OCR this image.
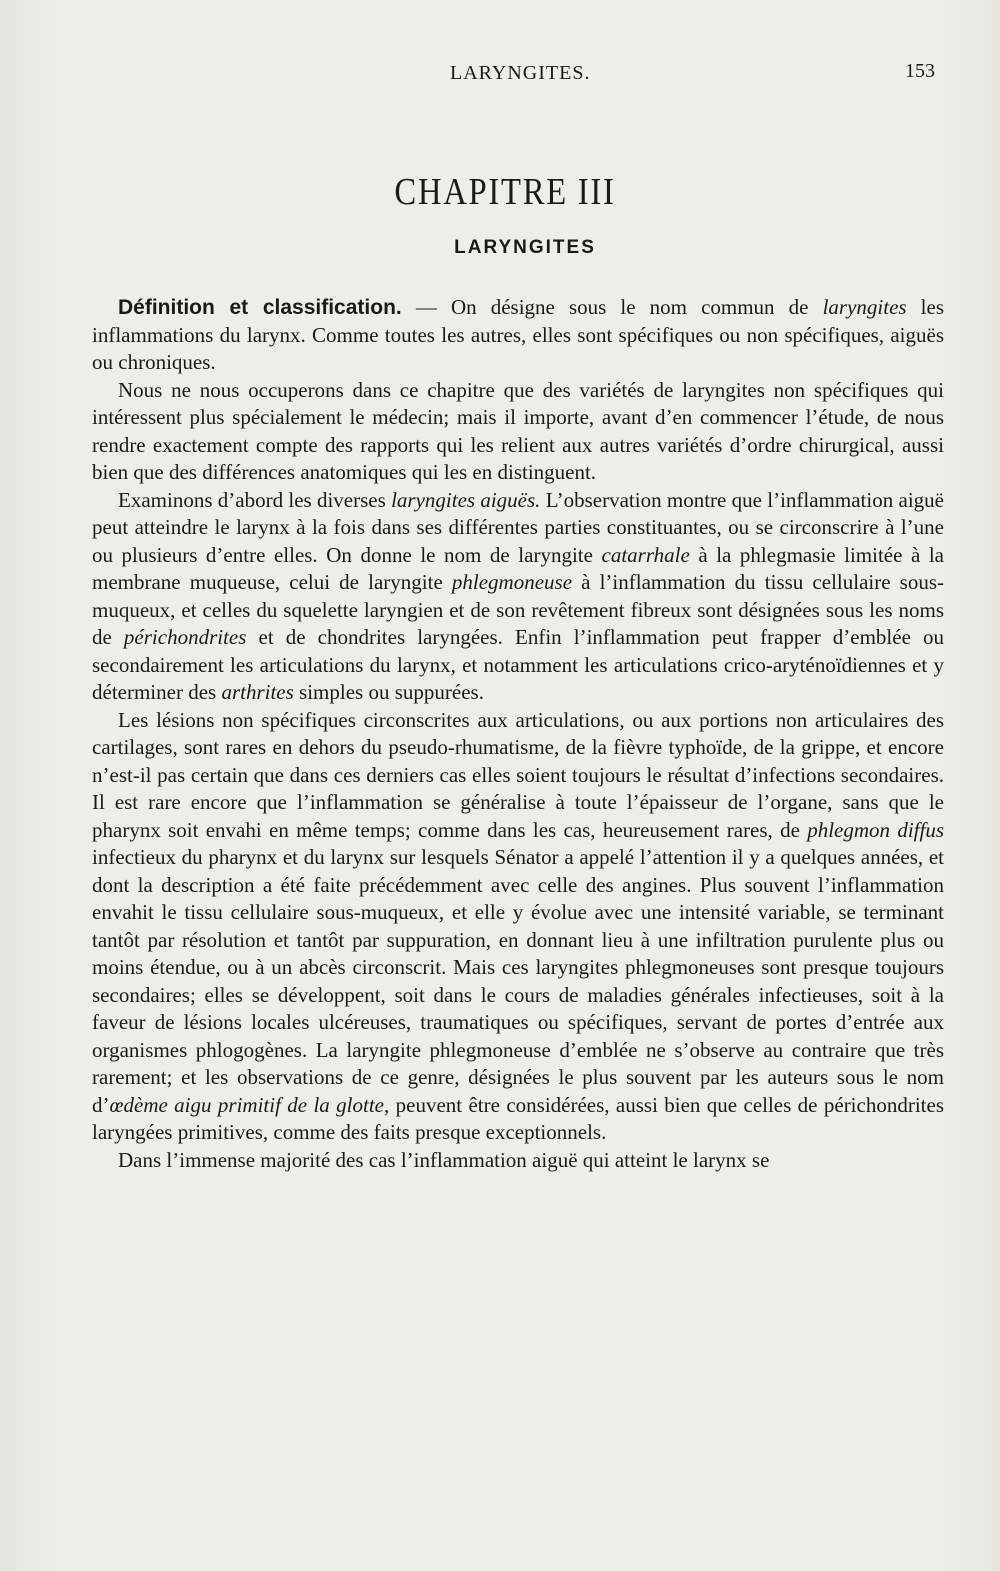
LARYNGITES.	153
CHAPITRE III
LARYNGITES

Définition et classification. — On désigne sous le nom commun de laryngites les inflammations du larynx. Comme toutes les autres, elles sont spécifiques ou non spécifiques, aiguës ou chroniques.

Nous ne nous occuperons dans ce chapitre que des variétés de laryngites non spécifiques qui intéressent plus spécialement le médecin; mais il importe, avant d’en commencer l’étude, de nous rendre exactement compte des rapports qui les relient aux autres variétés d’ordre chirurgical, aussi bien que des différences anatomiques qui les en distinguent.

Examinons d’abord les diverses laryngites aiguës. L’observation montre que l’inflammation aiguë peut atteindre le larynx à la fois dans ses différentes parties constituantes, ou se circonscrire à l’une ou plusieurs d’entre elles. On donne le nom de laryngite catarrhale à la phlegmasie limitée à la membrane muqueuse, celui de laryngite phlegmoneuse à l’inflammation du tissu cellulaire sous-muqueux, et celles du squelette laryngien et de son revêtement fibreux sont désignées sous les noms de périchondrites et de chondrites laryngées. Enfin l’inflammation peut frapper d’emblée ou secondairement les articulations du larynx, et notamment les articulations crico-aryténoïdiennes et y déterminer des arthrites simples ou suppurées.

Les lésions non spécifiques circonscrites aux articulations, ou aux portions non articulaires des cartilages, sont rares en dehors du pseudo-rhumatisme, de la fièvre typhoïde, de la grippe, et encore n’est-il pas certain que dans ces derniers cas elles soient toujours le résultat d’infections secondaires. Il est rare encore que l’inflammation se généralise à toute l’épaisseur de l’organe, sans que le pharynx soit envahi en même temps; comme dans les cas, heureusement rares, de phlegmon diffus infectieux du pharynx et du larynx sur lesquels Sénator a appelé l’attention il y a quelques années, et dont la description a été faite précédemment avec celle des angines. Plus souvent l’inflammation envahit le tissu cellulaire sous-muqueux, et elle y évolue avec une intensité variable, se terminant tantôt par résolution et tantôt par suppuration, en donnant lieu à une infiltration purulente plus ou moins étendue, ou à un abcès circonscrit. Mais ces laryngites phlegmoneuses sont presque toujours secondaires; elles se développent, soit dans le cours de maladies générales infectieuses, soit à la faveur de lésions locales ulcéreuses, traumatiques ou spécifiques, servant de portes d’entrée aux organismes phlogogènes. La laryngite phlegmoneuse d’emblée ne s’observe au contraire que très rarement; et les observations de ce genre, désignées le plus souvent par les auteurs sous le nom d’œdème aigu primitif de la glotte, peuvent être considérées, aussi bien que celles de périchondrites laryngées primitives, comme des faits presque exceptionnels.

Dans l’immense majorité des cas l’inflammation aiguë qui atteint le larynx se
